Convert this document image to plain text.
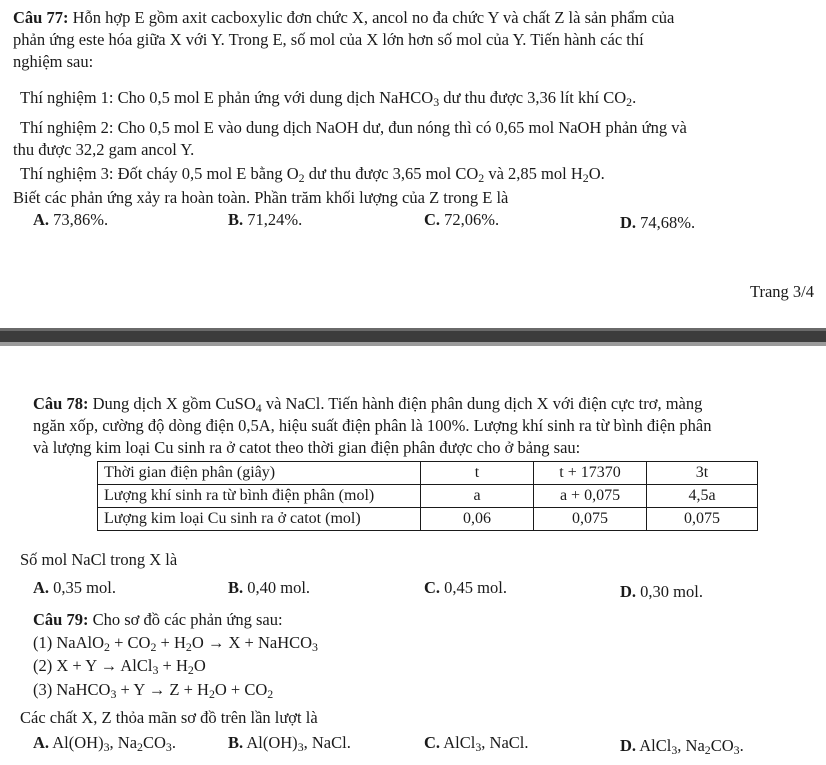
Câu 77: Hỗn hợp E gồm axit cacboxylic đơn chức X, ancol no đa chức Y và chất Z là sản phẩm của
phản ứng este hóa giữa X với Y. Trong E, số mol của X lớn hơn số mol của Y. Tiến hành các thí
nghiệm sau:
Thí nghiệm 1: Cho 0,5 mol E phản ứng với dung dịch NaHCO$_3$ dư thu được 3,36 lít khí $CO_2$.
Thí nghiệm 2: Cho 0,5 mol E vào dung dịch NaOH dư, đun nóng thì có 0,65 mol NaOH phản ứng và
thu được 32,2 gam ancol Y.
Thí nghiệm 3: Đốt cháy 0,5 mol E bằng $O_2$ dư thu được 3,65 mol $CO_2$ và 2,85 mol $H_2O$.
Biết các phản ứng xảy ra hoàn toàn. Phần trăm khối lượng của Z trong E là
A. 73,86%.	B. 71,24%.	C. 72,06%.	D. 74,68%.
Trang 3/4
Câu 78: Dung dịch X gồm CuSO$_4$ và NaCl. Tiến hành điện phân dung dịch X với điện cực trơ, màng
ngăn xốp, cường độ dòng điện 0,5A, hiệu suất điện phân là 100%. Lượng khí sinh ra từ bình điện phân
và lượng kim loại Cu sinh ra ở catot theo thời gian điện phân được cho ở bảng sau:
Thời gian điện phân (giây)	t	t + 17370	3t
Lượng khí sinh ra từ bình điện phân (mol)	a	a + 0,075	4,5a
Lượng kim loại Cu sinh ra ở catot (mol)	0,06	0,075	0,075
Số mol NaCl trong X là
A. 0,35 mol.	B. 0,40 mol.	C. 0,45 mol.	D. 0,30 mol.
Câu 79: Cho sơ đồ các phản ứng sau:
(1) NaAlO$_2$ + $CO_2 + H_2O \to X$ + NaHCO$_3$
(2) X + Y → AlCl$_3$ + $H_2O$
(3) NaHCO$_3$ + $Y \to Z + H_2O + CO_2$
Các chất X, Z thỏa mãn sơ đồ trên lần lượt là
A. $Al(OH)_3$, $Na_2CO_3$.	B. $Al(OH)_3$, NaCl.	C. AlCl$_3$, NaCl.	D. AlCl$_3$, $Na_2CO_3$.
